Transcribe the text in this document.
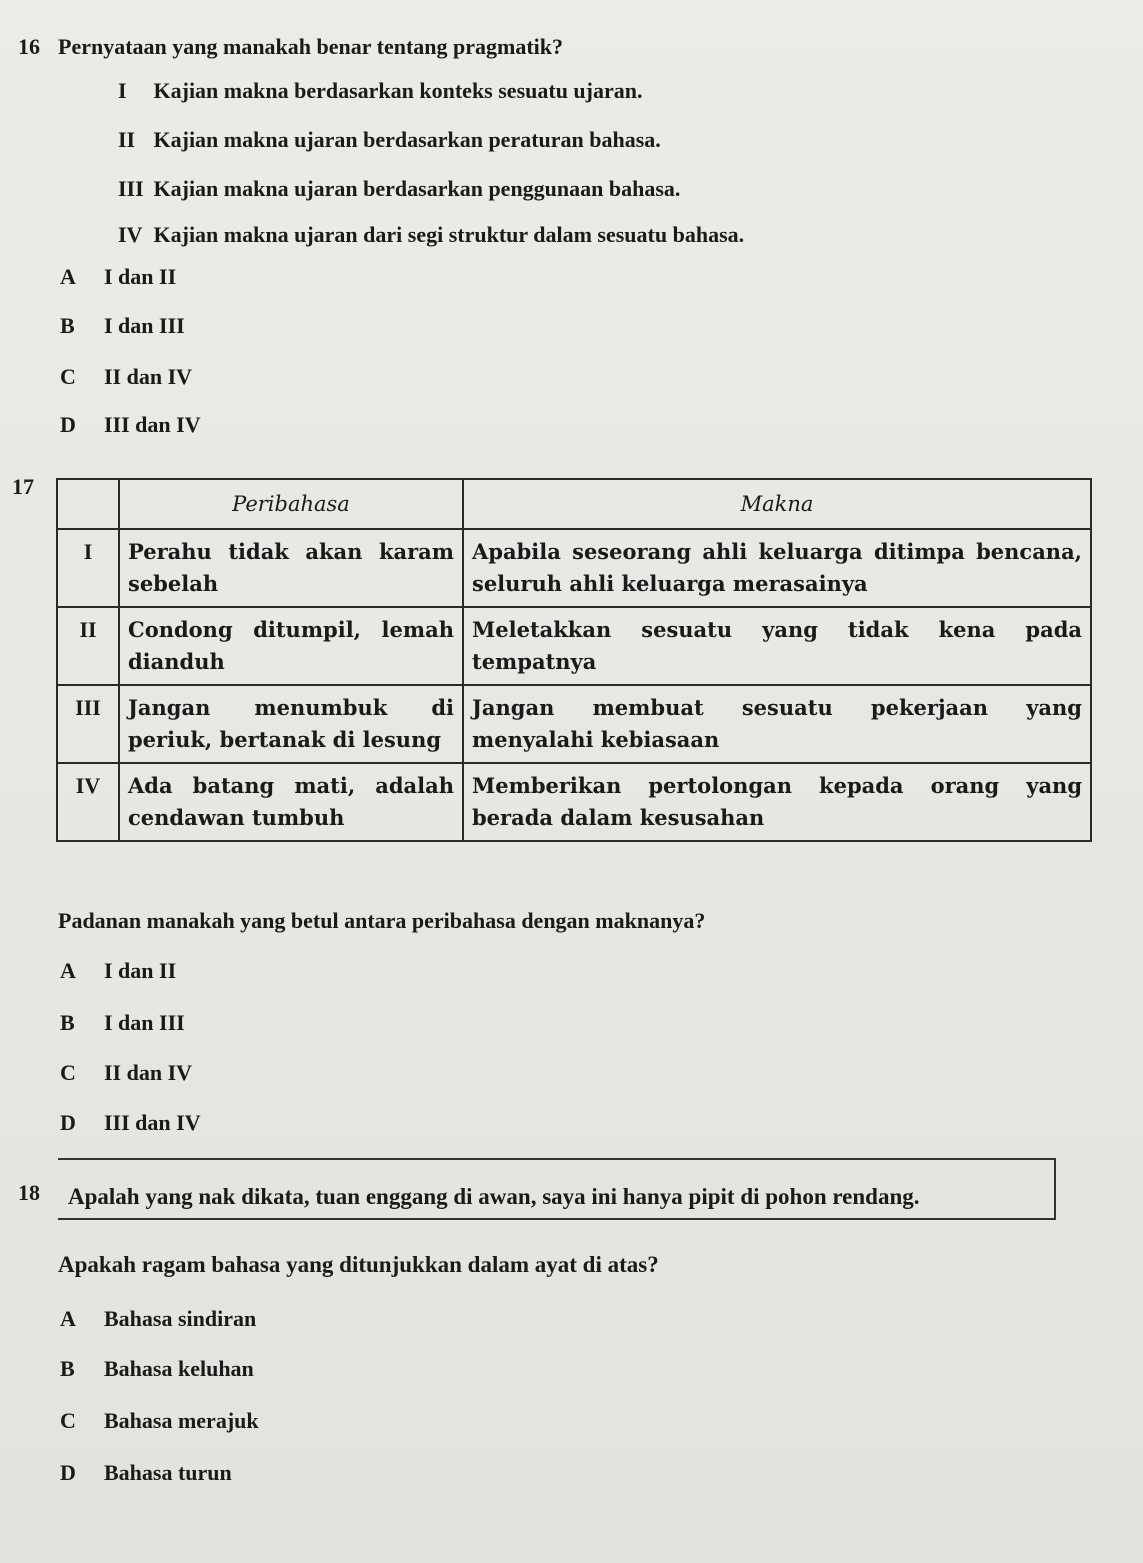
16 Pernyataan yang manakah benar tentang pragmatik?
I Kajian makna berdasarkan konteks sesuatu ujaran.
II Kajian makna ujaran berdasarkan peraturan bahasa.
III Kajian makna ujaran berdasarkan penggunaan bahasa.
IV Kajian makna ujaran dari segi struktur dalam sesuatu bahasa.
A I dan II
B I dan III
C II dan IV
D III dan IV
17
	Peribahasa	Makna
I	Perahu tidak akan karam sebelah	Apabila seseorang ahli keluarga ditimpa bencana, seluruh ahli keluarga merasainya
II	Condong ditumpil, lemah dianduh	Meletakkan sesuatu yang tidak kena pada tempatnya
III	Jangan menumbuk di periuk, bertanak di lesung	Jangan membuat sesuatu pekerjaan yang menyalahi kebiasaan
IV	Ada batang mati, adalah cendawan tumbuh	Memberikan pertolongan kepada orang yang berada dalam kesusahan
Padanan manakah yang betul antara peribahasa dengan maknanya?
A I dan II
B I dan III
C II dan IV
D III dan IV
18 Apalah yang nak dikata, tuan enggang di awan, saya ini hanya pipit di pohon rendang.
Apakah ragam bahasa yang ditunjukkan dalam ayat di atas?
A Bahasa sindiran
B Bahasa keluhan
C Bahasa merajuk
D Bahasa turun
